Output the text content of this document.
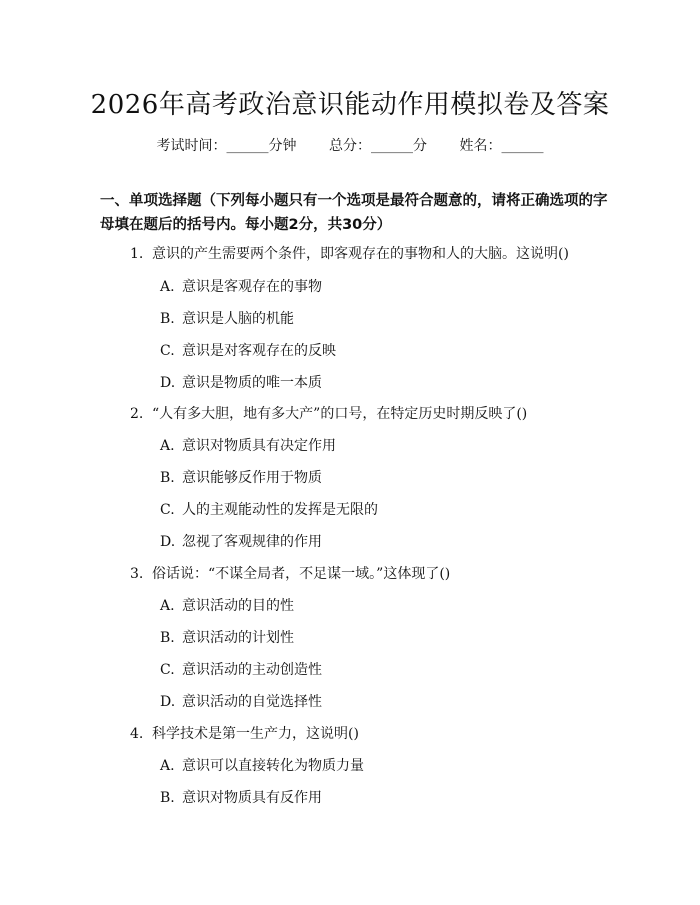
2026年高考政治意识能动作用模拟卷及答案
考试时间：______分钟 总分：______分 姓名：______
一、单项选择题（下列每小题只有一个选项是最符合题意的，请将正确选项的字母填在题后的括号内。每小题2分，共30分）
1. 意识的产生需要两个条件，即客观存在的事物和人的大脑。这说明()
A. 意识是客观存在的事物
B. 意识是人脑的机能
C. 意识是对客观存在的反映
D. 意识是物质的唯一本质
2. “人有多大胆，地有多大产”的口号，在特定历史时期反映了()
A. 意识对物质具有决定作用
B. 意识能够反作用于物质
C. 人的主观能动性的发挥是无限的
D. 忽视了客观规律的作用
3. 俗话说：“不谋全局者，不足谋一域。”这体现了()
A. 意识活动的目的性
B. 意识活动的计划性
C. 意识活动的主动创造性
D. 意识活动的自觉选择性
4. 科学技术是第一生产力，这说明()
A. 意识可以直接转化为物质力量
B. 意识对物质具有反作用
